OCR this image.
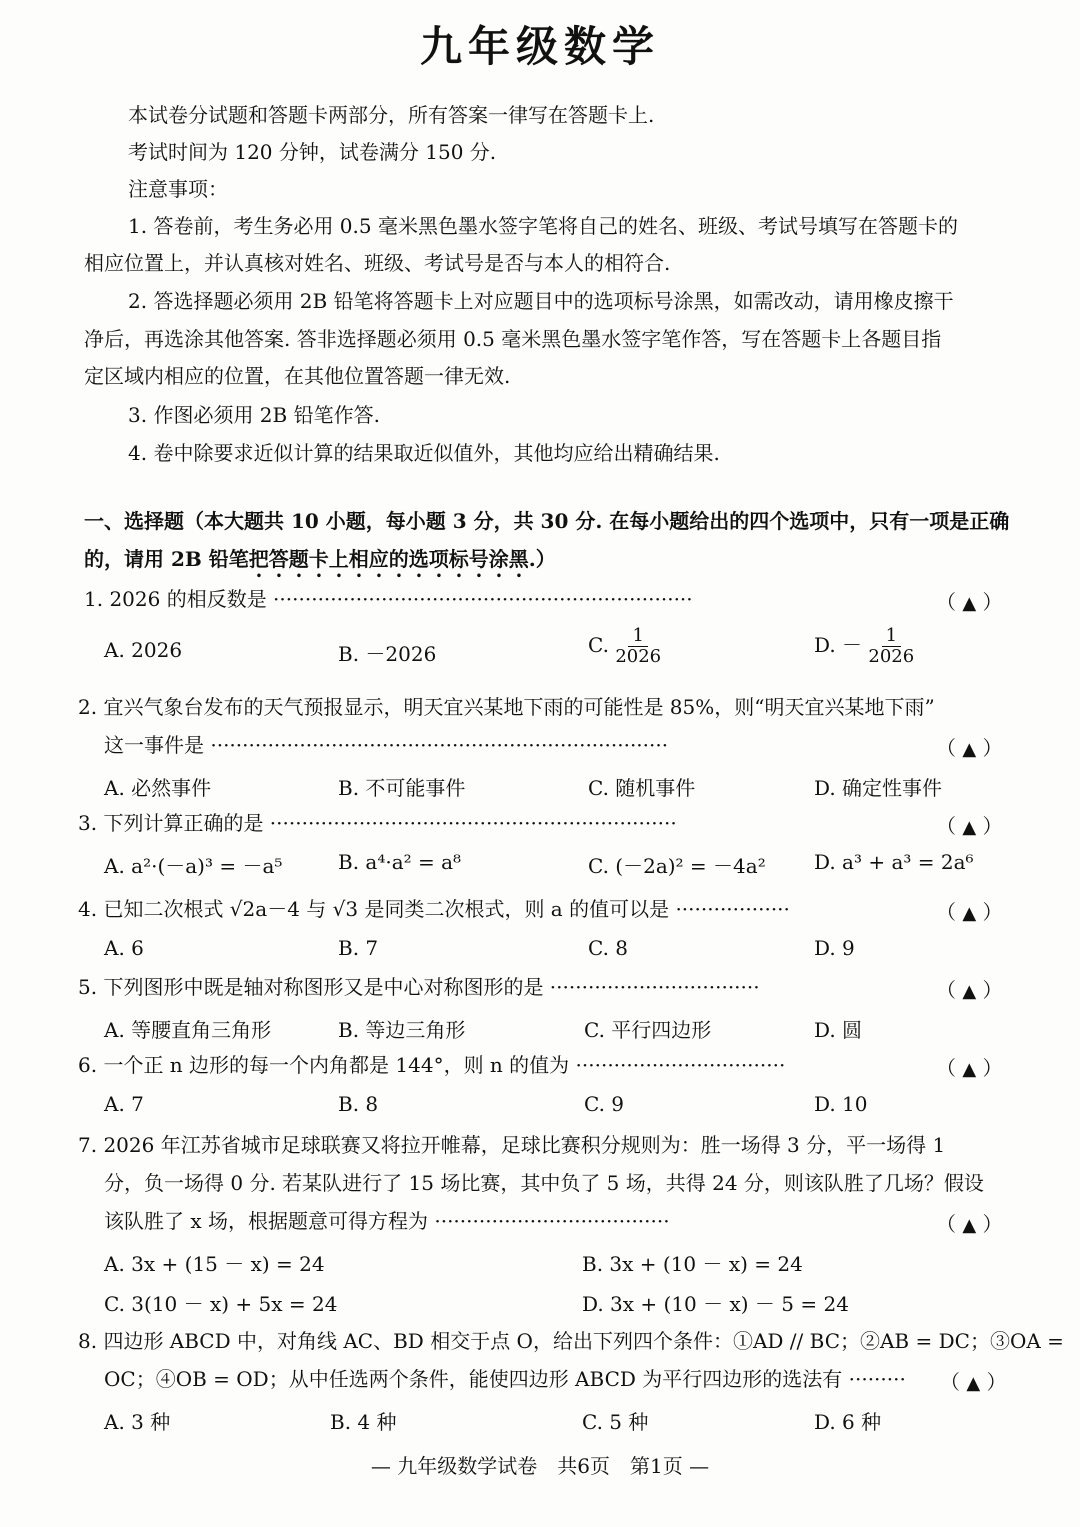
九年级数学
本试卷分试题和答题卡两部分，所有答案一律写在答题卡上.
考试时间为 120 分钟，试卷满分 150 分.
注意事项：
1. 答卷前，考生务必用 0.5 毫米黑色墨水签字笔将自己的姓名、班级、考试号填写在答题卡的
相应位置上，并认真核对姓名、班级、考试号是否与本人的相符合.
2. 答选择题必须用 2B 铅笔将答题卡上对应题目中的选项标号涂黑，如需改动，请用橡皮擦干
净后，再选涂其他答案. 答非选择题必须用 0.5 毫米黑色墨水签字笔作答，写在答题卡上各题目指
定区域内相应的位置，在其他位置答题一律无效.
3. 作图必须用 2B 铅笔作答.
4. 卷中除要求近似计算的结果取近似值外，其他均应给出精确结果.
一、选择题（本大题共 10 小题，每小题 3 分，共 30 分. 在每小题给出的四个选项中，只有一项是正确
的，请用 2B 铅笔把答题卡上相应的选项标号涂黑.）
1. 2026 的相反数是 ··································································	（ ▲ ）
A. 2026	B. －2026	C. $\frac{1}{2026}$	D. － $\frac{1}{2026}$
2. 宜兴气象台发布的天气预报显示，明天宜兴某地下雨的可能性是 85%，则“明天宜兴某地下雨”
这一事件是 ········································································	（ ▲ ）
A. 必然事件	B. 不可能事件	C. 随机事件	D. 确定性事件
3. 下列计算正确的是 ································································	（ ▲ ）
A. a²·(－a)³ = －a⁵	B. a⁴·a² = a⁸	C. (－2a)² = －4a² D. a³ + a³ = 2a⁶
4. 已知二次根式 √2a－4 与 √3 是同类二次根式，则 a 的值可以是 ··················	（ ▲ ）
A. 6	B. 7	C. 8	D. 9
5. 下列图形中既是轴对称图形又是中心对称图形的是 ·································	（ ▲ ）
A. 等腰直角三角形	B. 等边三角形	C. 平行四边形	D. 圆
6. 一个正 n 边形的每一个内角都是 144°，则 n 的值为 ·································	（ ▲ ）
A. 7	B. 8	C. 9	D. 10
7. 2026 年江苏省城市足球联赛又将拉开帷幕，足球比赛积分规则为：胜一场得 3 分，平一场得 1
分，负一场得 0 分. 若某队进行了 15 场比赛，其中负了 5 场，共得 24 分，则该队胜了几场？假设
该队胜了 x 场，根据题意可得方程为 ·····································	（ ▲ ）
A. 3x + (15 － x) = 24	B. 3x + (10 － x) = 24
C. 3(10 － x) + 5x = 24	D. 3x + (10 － x) － 5 = 24
8. 四边形 ABCD 中，对角线 AC、BD 相交于点 O，给出下列四个条件：①AD // BC；②AB = DC；③OA =
OC；④OB = OD；从中任选两个条件，能使四边形 ABCD 为平行四边形的选法有 ········· （ ▲ ）
A. 3 种	B. 4 种	C. 5 种	D. 6 种
— 九年级数学试卷　共6页　第1页 —
